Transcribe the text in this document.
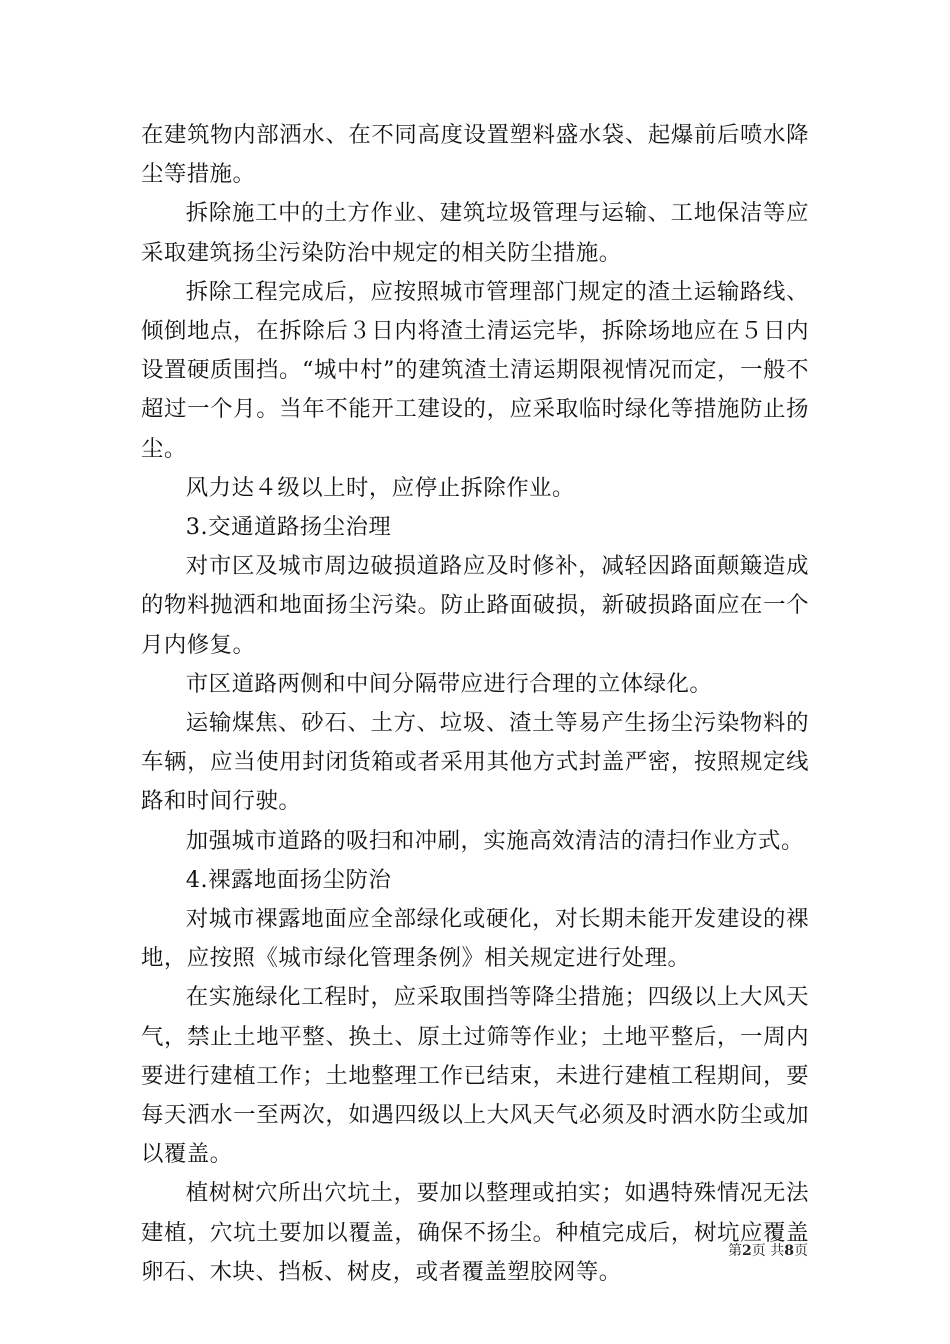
在建筑物内部洒水、在不同高度设置塑料盛水袋、起爆前后喷水降尘等措施。

拆除施工中的土方作业、建筑垃圾管理与运输、工地保洁等应采取建筑扬尘污染防治中规定的相关防尘措施。

拆除工程完成后，应按照城市管理部门规定的渣土运输路线、倾倒地点，在拆除后３日内将渣土清运完毕，拆除场地应在５日内设置硬质围挡。“城中村”的建筑渣土清运期限视情况而定，一般不超过一个月。当年不能开工建设的，应采取临时绿化等措施防止扬尘。

风力达４级以上时，应停止拆除作业。

3.交通道路扬尘治理

对市区及城市周边破损道路应及时修补，减轻因路面颠簸造成的物料抛洒和地面扬尘污染。防止路面破损，新破损路面应在一个月内修复。

市区道路两侧和中间分隔带应进行合理的立体绿化。

运输煤焦、砂石、土方、垃圾、渣土等易产生扬尘污染物料的车辆，应当使用封闭货箱或者采用其他方式封盖严密，按照规定线路和时间行驶。

加强城市道路的吸扫和冲刷，实施高效清洁的清扫作业方式。

4.裸露地面扬尘防治

对城市裸露地面应全部绿化或硬化，对长期未能开发建设的裸地，应按照《城市绿化管理条例》相关规定进行处理。

在实施绿化工程时，应采取围挡等降尘措施；四级以上大风天气，禁止土地平整、换土、原土过筛等作业；土地平整后，一周内要进行建植工作；土地整理工作已结束，未进行建植工程期间，要每天洒水一至两次，如遇四级以上大风天气必须及时洒水防尘或加以覆盖。

植树树穴所出穴坑土，要加以整理或拍实；如遇特殊情况无法建植，穴坑土要加以覆盖，确保不扬尘。种植完成后，树坑应覆盖卵石、木块、挡板、树皮，或者覆盖塑胶网等。

第2页 共8页
